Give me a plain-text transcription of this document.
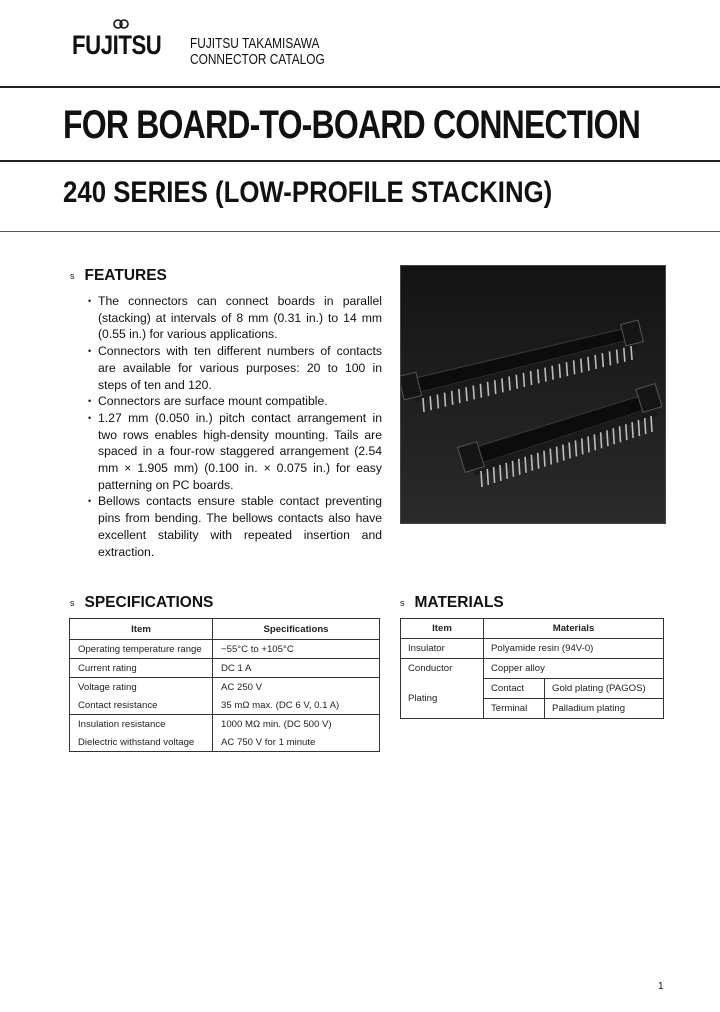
FUJITSU FUJITSU TAKAMISAWA
CONNECTOR CATALOG
FOR BOARD-TO-BOARD CONNECTION
240 SERIES (LOW-PROFILE STACKING)
s FEATURES
• The connectors can connect boards in parallel (stacking) at intervals of 8 mm (0.31 in.) to 14 mm (0.55 in.) for various applications.
• Connectors with ten different numbers of contacts are available for various purposes: 20 to 100 in steps of ten and 120.
• Connectors are surface mount compatible.
• 1.27 mm (0.050 in.) pitch contact arrangement in two rows enables high-density mounting. Tails are spaced in a four-row staggered arrangement (2.54 mm × 1.905 mm) (0.100 in. × 0.075 in.) for easy patterning on PC boards.
• Bellows contacts ensure stable contact preventing pins from bending. The bellows contacts also have excellent stability with repeated insertion and extraction.
s SPECIFICATIONS
Item	Specifications
Operating temperature range	−55°C to +105°C
Current rating	DC 1 A
Voltage rating	AC 250 V
Contact resistance	35 mΩ max. (DC 6 V, 0.1 A)
Insulation resistance	1000 MΩ min. (DC 500 V)
Dielectric withstand voltage	AC 750 V for 1 minute
s MATERIALS
Item	Materials	
Insulator	Polyamide resin (94V-0)	
Conductor	Copper alloy	
Plating	Contact	Gold plating (PAGOS)
	Terminal	Palladium plating
1
